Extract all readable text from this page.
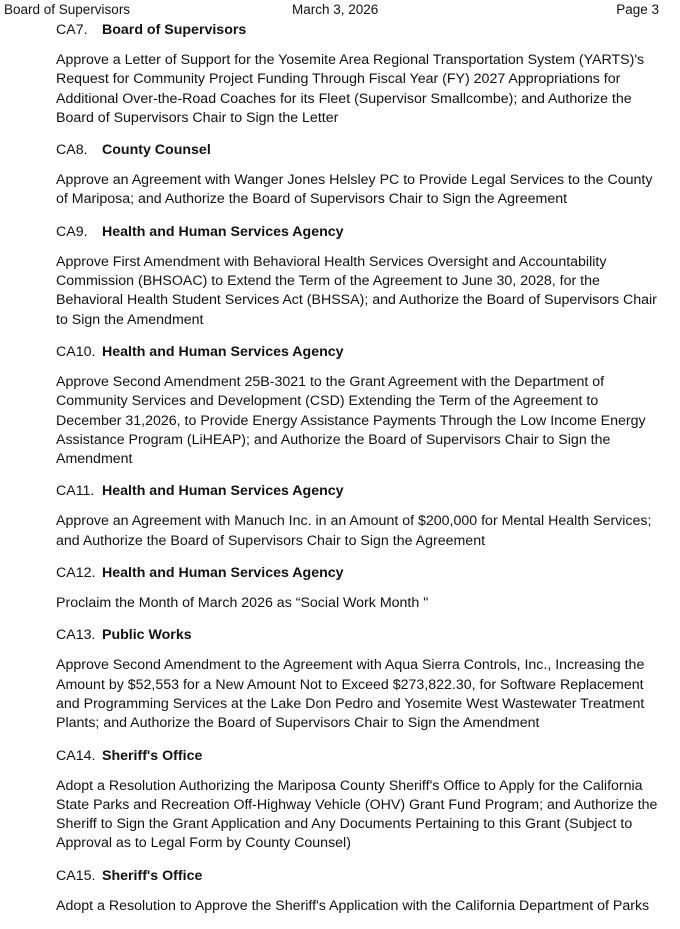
Board of Supervisors	March 3, 2026	Page 3

CA7. Board of Supervisors

Approve a Letter of Support for the Yosemite Area Regional Transportation System (YARTS)'s Request for Community Project Funding Through Fiscal Year (FY) 2027 Appropriations for Additional Over-the-Road Coaches for its Fleet (Supervisor Smallcombe); and Authorize the Board of Supervisors Chair to Sign the Letter

CA8. County Counsel

Approve an Agreement with Wanger Jones Helsley PC to Provide Legal Services to the County of Mariposa; and Authorize the Board of Supervisors Chair to Sign the Agreement

CA9. Health and Human Services Agency

Approve First Amendment with Behavioral Health Services Oversight and Accountability Commission (BHSOAC) to Extend the Term of the Agreement to June 30, 2028, for the Behavioral Health Student Services Act (BHSSA); and Authorize the Board of Supervisors Chair to Sign the Amendment

CA10. Health and Human Services Agency

Approve Second Amendment 25B-3021 to the Grant Agreement with the Department of Community Services and Development (CSD) Extending the Term of the Agreement to December 31,2026, to Provide Energy Assistance Payments Through the Low Income Energy Assistance Program (LiHEAP); and Authorize the Board of Supervisors Chair to Sign the Amendment

CA11. Health and Human Services Agency

Approve an Agreement with Manuch Inc. in an Amount of $200,000 for Mental Health Services; and Authorize the Board of Supervisors Chair to Sign the Agreement

CA12. Health and Human Services Agency

Proclaim the Month of March 2026 as “Social Work Month "

CA13. Public Works

Approve Second Amendment to the Agreement with Aqua Sierra Controls, Inc., Increasing the Amount by $52,553 for a New Amount Not to Exceed $273,822.30, for Software Replacement and Programming Services at the Lake Don Pedro and Yosemite West Wastewater Treatment Plants; and Authorize the Board of Supervisors Chair to Sign the Amendment

CA14. Sheriff's Office

Adopt a Resolution Authorizing the Mariposa County Sheriff's Office to Apply for the California State Parks and Recreation Off-Highway Vehicle (OHV) Grant Fund Program; and Authorize the Sheriff to Sign the Grant Application and Any Documents Pertaining to this Grant (Subject to Approval as to Legal Form by County Counsel)

CA15. Sheriff's Office

Adopt a Resolution to Approve the Sheriff's Application with the California Department of Parks
